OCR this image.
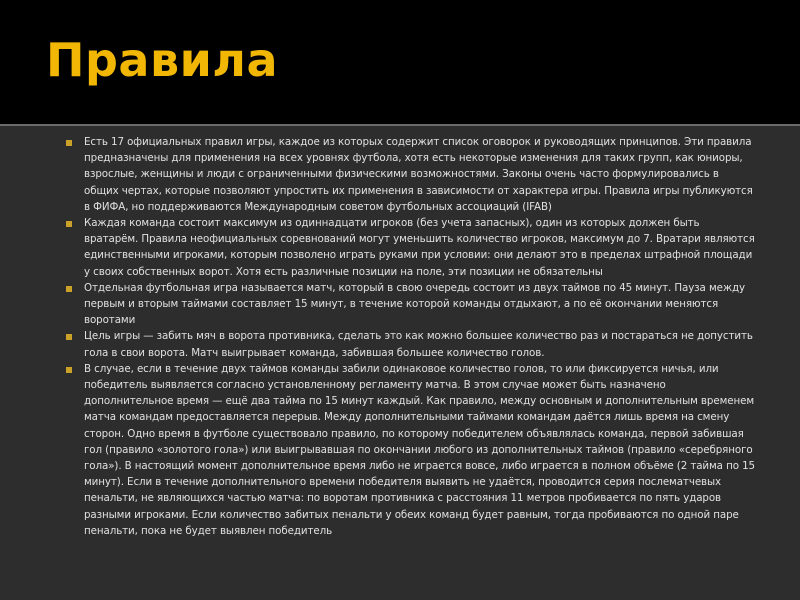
Правила
Есть 17 официальных правил игры, каждое из которых содержит список оговорок и руководящих принципов. Эти правила предназначены для применения на всех уровнях футбола, хотя есть некоторые изменения для таких групп, как юниоры, взрослые, женщины и люди с ограниченными физическими возможностями. Законы очень часто формулировались в общих чертах, которые позволяют упростить их применения в зависимости от характера игры. Правила игры публикуются в ФИФА, но поддерживаются Международным советом футбольных ассоциаций (IFAB)
Каждая команда состоит максимум из одиннадцати игроков (без учета запасных), один из которых должен быть вратарём. Правила неофициальных соревнований могут уменьшить количество игроков, максимум до 7. Вратари являются единственными игроками, которым позволено играть руками при условии: они делают это в пределах штрафной площади у своих собственных ворот. Хотя есть различные позиции на поле, эти позиции не обязательны
Отдельная футбольная игра называется матч, который в свою очередь состоит из двух таймов по 45 минут. Пауза между первым и вторым таймами составляет 15 минут, в течение которой команды отдыхают, а по её окончании меняются воротами
Цель игры — забить мяч в ворота противника, сделать это как можно большее количество раз и постараться не допустить гола в свои ворота. Матч выигрывает команда, забившая большее количество голов.
В случае, если в течение двух таймов команды забили одинаковое количество голов, то или фиксируется ничья, или победитель выявляется согласно установленному регламенту матча. В этом случае может быть назначено дополнительное время — ещё два тайма по 15 минут каждый. Как правило, между основным и дополнительным временем матча командам предоставляется перерыв. Между дополнительными таймами командам даётся лишь время на смену сторон. Одно время в футболе существовало правило, по которому победителем объявлялась команда, первой забившая гол (правило «золотого гола») или выигрывавшая по окончании любого из дополнительных таймов (правило «серебряного гола»). В настоящий момент дополнительное время либо не играется вовсе, либо играется в полном объёме (2 тайма по 15 минут). Если в течение дополнительного времени победителя выявить не удаётся, проводится серия послематчевых пенальти, не являющихся частью матча: по воротам противника с расстояния 11 метров пробивается по пять ударов разными игроками. Если количество забитых пенальти у обеих команд будет равным, тогда пробиваются по одной паре пенальти, пока не будет выявлен победитель
